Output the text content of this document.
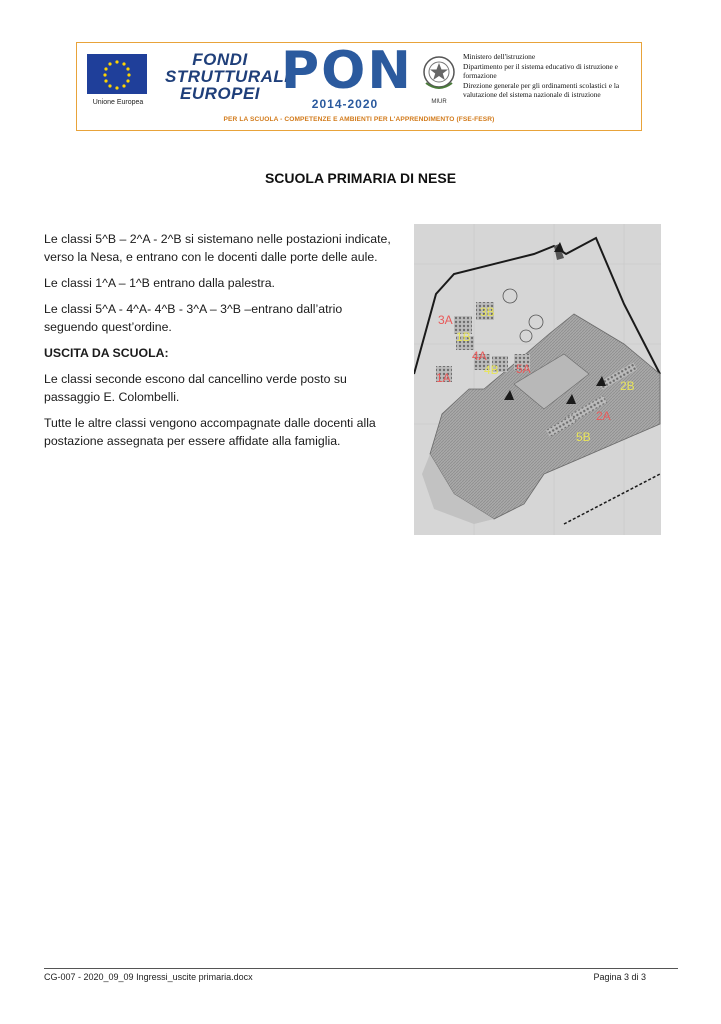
Unione Europea
FONDI
STRUTTURALI
EUROPEI PON
2014-2020	MIUR
Ministero dell'istruzione
Dipartimento per il sistema educativo di istruzione e formazione
Direzione generale per gli ordinamenti scolastici e la valutazione del sistema nazionale di istruzione
PER LA SCUOLA - COMPETENZE E AMBIENTI PER L'APPRENDIMENTO (FSE-FESR)
SCUOLA PRIMARIA DI NESE

Le classi 5^B – 2^A - 2^B si sistemano nelle postazioni indicate, verso la Nesa, e entrano con le docenti dalle porte delle aule.

Le classi 1^A – 1^B entrano dalla palestra.

Le classi 5^A - 4^A- 4^B - 3^A – 3^B –entrano dall’atrio seguendo quest’ordine.

USCITA DA SCUOLA:

Le classi seconde escono dal cancellino verde posto su passaggio E. Colombelli.

Tutte le altre classi vengono accompagnate dalle docenti alla postazione assegnata per essere affidate alla famiglia.

3A
3B
1B
4A
4B 5A
1A
2B
2A
5B
CG-007 - 2020_09_09 Ingressi_uscite primaria.docx	Pagina 3 di 3
